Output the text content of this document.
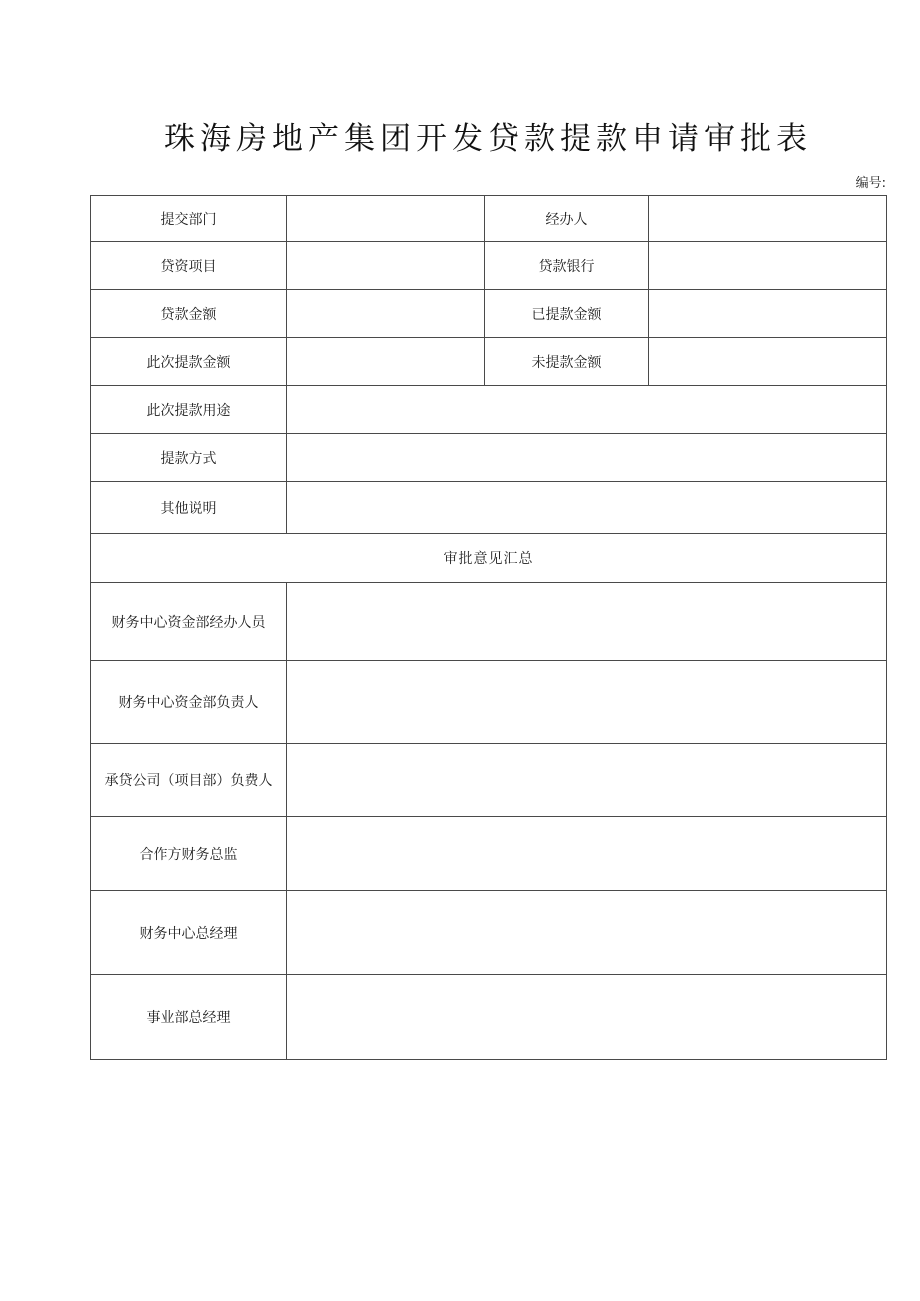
珠海房地产集团开发贷款提款申请审批表
编号:
提交部门		经办人	
贷资项目		贷款银行	
贷款金额		已提款金额	
此次提款金额		未提款金额	
此次提款用途			
提款方式			
其他说明			
审批意见汇总			
财务中心资金部经办人员			
财务中心资金部负责人			
承贷公司（项目部）负费人			
合作方财务总监			
财务中心总经理			
事业部总经理			
